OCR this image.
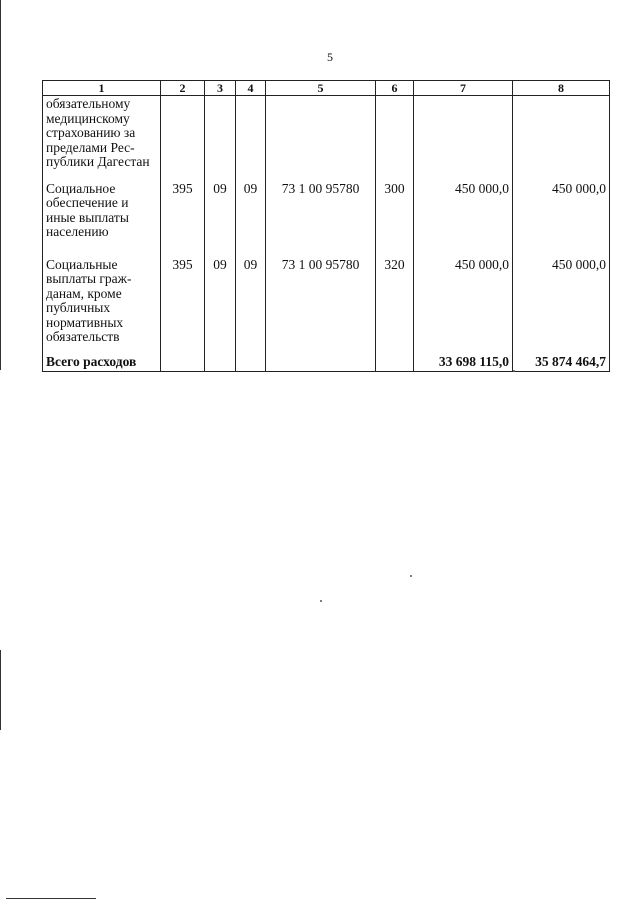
5
1	2	3	4	5	6	7	8
обязательному медицинскому страхованию за пределами Республики Дагестан							
Социальное обеспечение и иные выплаты населению	395	09	09	73 1 00 95780	300	450 000,0	450 000,0
Социальные выплаты гражданам, кроме публичных нормативных обязательств	395	09	09	73 1 00 95780	320	450 000,0	450 000,0
Всего расходов						33 698 115,0	35 874 464,7
